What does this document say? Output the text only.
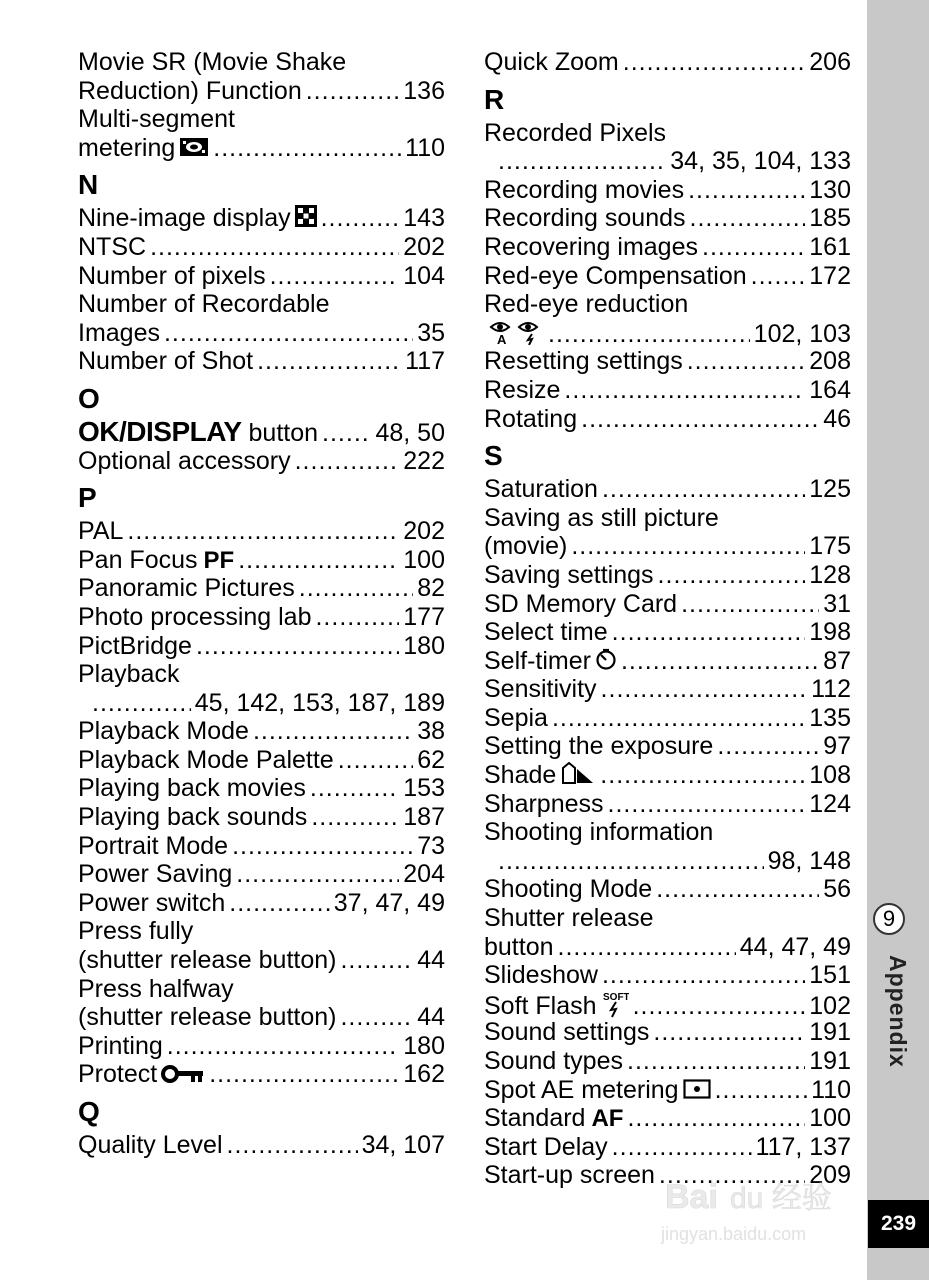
Movie SR (Movie Shake
Reduction) Function .....	136
Multi-segment
metering .....	110
N
Nine-image display .....	143
NTSC .....	202
Number of pixels .....	104
Number of Recordable
Images .....	35
Number of Shot .....	117
O
OK/DISPLAY button ..... 48, 50
Optional accessory .....	222
P
PAL .....	202
Pan Focus PF .....	100
Panoramic Pictures .....	82
Photo processing lab .....	177
PictBridge .....	180
Playback
.....
45, 142, 153, 187, 189
Playback Mode .....	38
Playback Mode Palette .....	62
Playing back movies .....	153
Playing back sounds .....	187
Portrait Mode .....	73
Power Saving .....	204
Power switch .....	37, 47, 49
Press fully
(shutter release button) .....	44
Press halfway
(shutter release button) .....	44
Printing .....	180
Protect .....	162
Q
Quality Level .....	34, 107
Quick Zoom .....	206
R
Recorded Pixels
.....
34, 35, 104, 133
Recording movies .....	130
Recording sounds .....	185
Recovering images .....	161
Red-eye Compensation .....	172
Red-eye reduction
A .....	102, 103
Resetting settings .....	208
Resize .....	164
Rotating .....	46
S
Saturation .....	125
Saving as still picture
(movie) .....	175
Saving settings .....	128
SD Memory Card .....	31
Select time .....	198
Self-timer .....	87
Sensitivity .....	112
Sepia .....	135
Setting the exposure .....	97
Shade .....	108
Sharpness .....	124
Shooting information
.....
98, 148
Shooting Mode .....	56
Shutter release
button .....	44, 47, 49
Slideshow .....	151
Soft Flash SOFT .....	102
Sound settings .....	191
Sound types .....	191
Spot AE metering .....	110
Standard AF .....	100
Start Delay .....	117, 137
Start-up screen .....	209
9
Appendix
239
Bai du 经验
jingyan.baidu.com
